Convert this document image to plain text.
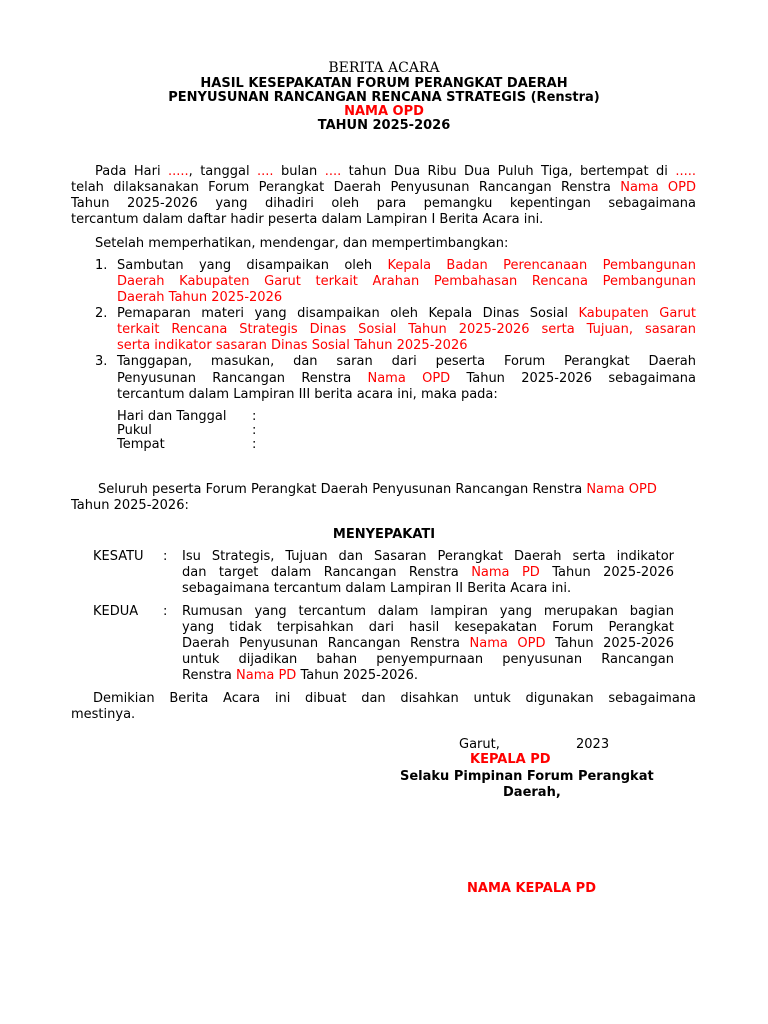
BERITA ACARA
HASIL KESEPAKATAN FORUM PERANGKAT DAERAH
PENYUSUNAN RANCANGAN RENCANA STRATEGIS (Renstra)
NAMA OPD
TAHUN 2025-2026
Pada Hari ....., tanggal .... bulan .... tahun Dua Ribu Dua Puluh Tiga, bertempat di .....
telah dilaksanakan Forum Perangkat Daerah Penyusunan Rancangan Renstra Nama OPD
Tahun 2025-2026 yang dihadiri oleh para pemangku kepentingan sebagaimana
tercantum dalam daftar hadir peserta dalam Lampiran I Berita Acara ini.
Setelah memperhatikan, mendengar, dan mempertimbangkan:
1. Sambutan yang disampaikan oleh Kepala Badan Perencanaan Pembangunan
Daerah Kabupaten Garut terkait Arahan Pembahasan Rencana Pembangunan
Daerah Tahun 2025-2026
2. Pemaparan materi yang disampaikan oleh Kepala Dinas Sosial Kabupaten Garut
terkait Rencana Strategis Dinas Sosial Tahun 2025-2026 serta Tujuan, sasaran
serta indikator sasaran Dinas Sosial Tahun 2025-2026
3. Tanggapan, masukan, dan saran dari peserta Forum Perangkat Daerah
Penyusunan Rancangan Renstra Nama OPD Tahun 2025-2026 sebagaimana
tercantum dalam Lampiran III berita acara ini, maka pada:
Hari dan Tanggal :
Pukul	:
Tempat	:
Seluruh peserta Forum Perangkat Daerah Penyusunan Rancangan Renstra Nama OPD
Tahun 2025-2026:
MENYEPAKATI
KESATU : Isu Strategis, Tujuan dan Sasaran Perangkat Daerah serta indikator
dan target dalam Rancangan Renstra Nama PD Tahun 2025-2026
sebagaimana tercantum dalam Lampiran II Berita Acara ini.
KEDUA : Rumusan yang tercantum dalam lampiran yang merupakan bagian
yang tidak terpisahkan dari hasil kesepakatan Forum Perangkat
Daerah Penyusunan Rancangan Renstra Nama OPD Tahun 2025-2026
untuk dijadikan bahan penyempurnaan penyusunan Rancangan
Renstra Nama PD Tahun 2025-2026.
Demikian Berita Acara ini dibuat dan disahkan untuk digunakan sebagaimana
mestinya.
Garut,	2023
KEPALA PD
Selaku Pimpinan Forum Perangkat
Daerah,
NAMA KEPALA PD
